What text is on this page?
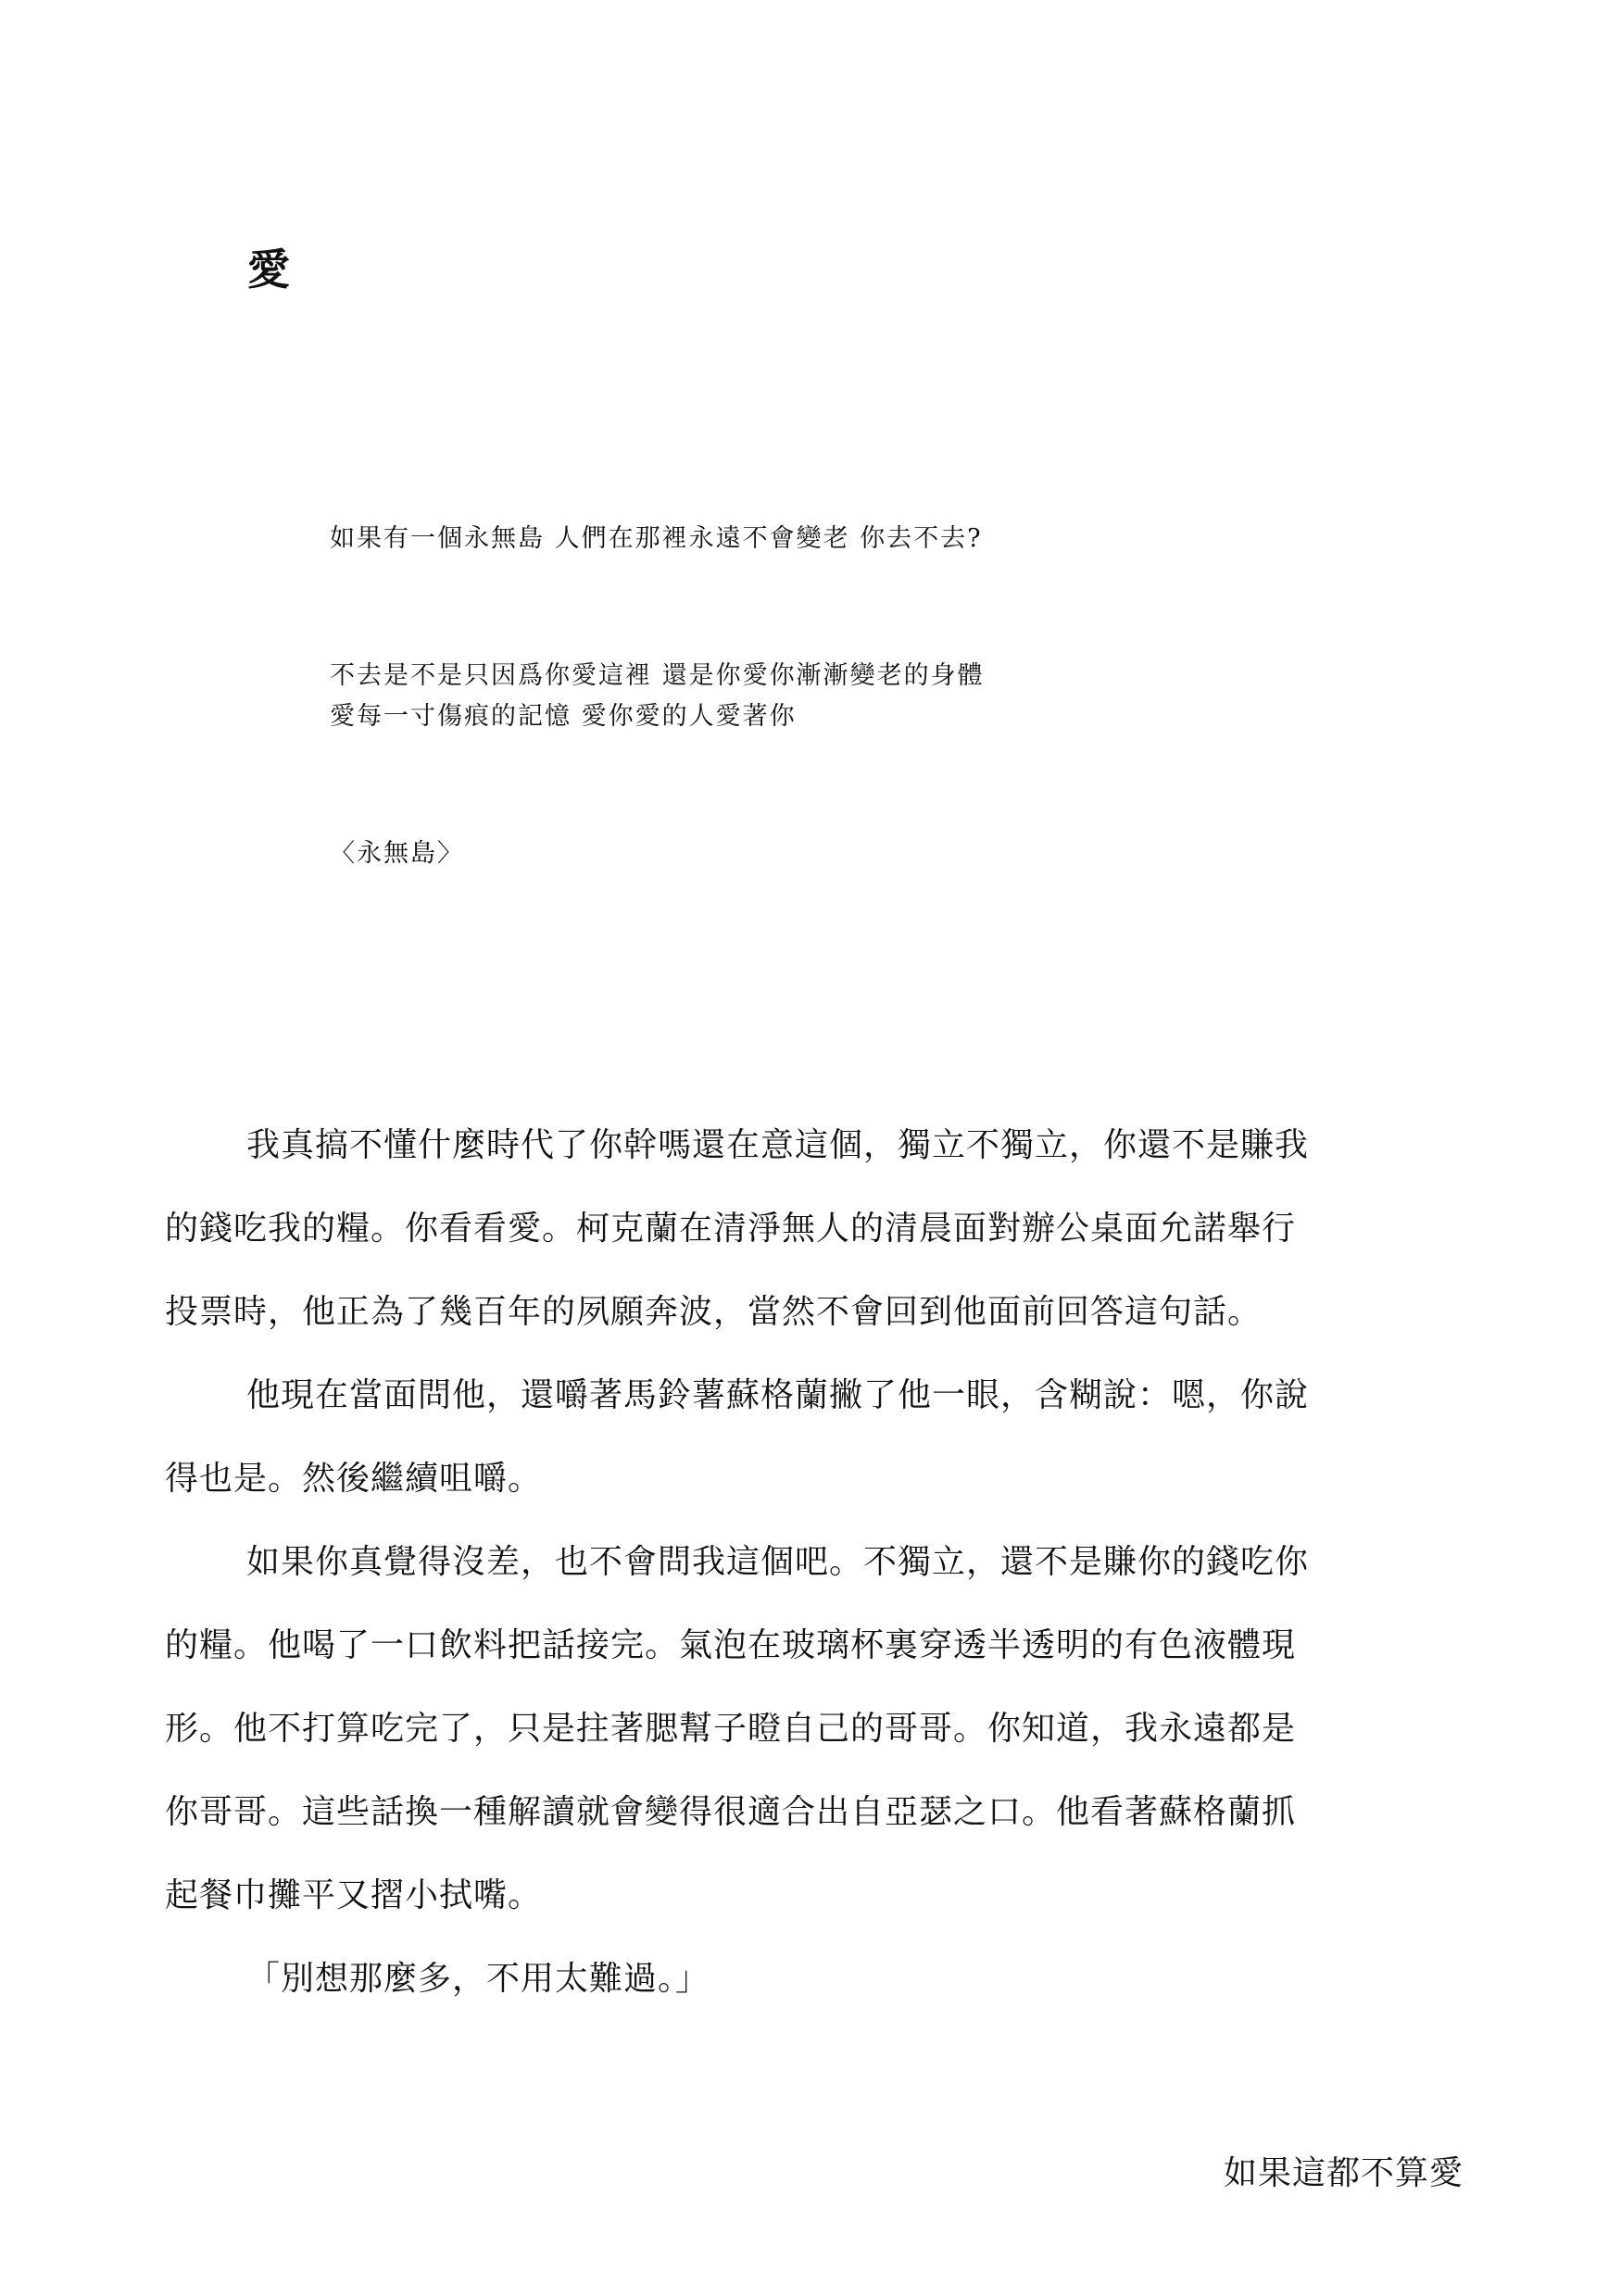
愛
如果有一個永無島 人們在那裡永遠不會變老 你去不去?
不去是不是只因爲你愛這裡 還是你愛你漸漸變老的身體
愛每一寸傷痕的記憶 愛你愛的人愛著你
〈永無島〉
我真搞不懂什麼時代了你幹嗎還在意這個，獨立不獨立，你還不是賺我
的錢吃我的糧。你看看愛。柯克蘭在清淨無人的清晨面對辦公桌面允諾舉行
投票時，他正為了幾百年的夙願奔波，當然不會回到他面前回答這句話。
他現在當面問他，還嚼著馬鈴薯蘇格蘭撇了他一眼，含糊說：嗯，你說
得也是。然後繼續咀嚼。
如果你真覺得沒差，也不會問我這個吧。不獨立，還不是賺你的錢吃你
的糧。他喝了一口飲料把話接完。氣泡在玻璃杯裏穿透半透明的有色液體現
形。他不打算吃完了，只是拄著腮幫子瞪自己的哥哥。你知道，我永遠都是
你哥哥。這些話換一種解讀就會變得很適合出自亞瑟之口。他看著蘇格蘭抓
起餐巾攤平又摺小拭嘴。
「別想那麼多，不用太難過。」
如果這都不算愛
